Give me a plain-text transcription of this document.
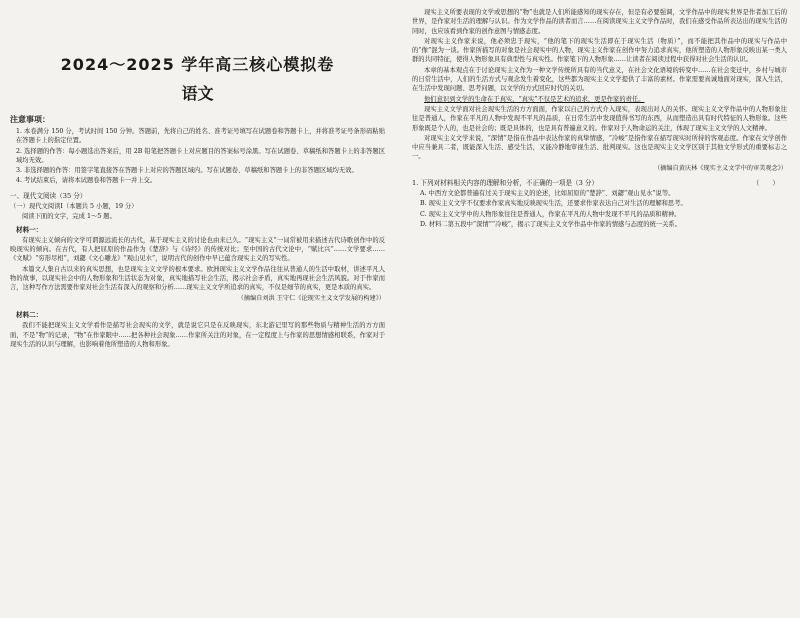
2024～2025 学年高三核心模拟卷
语文
注意事项：

1. 本卷满分 150 分，考试时间 150 分钟。答题前，先将自己的姓名、准考证号填写在试题卷和答题卡上，并将准考证号条形码粘贴在答题卡上的指定位置。

2. 选择题的作答：每小题选出答案后，用 2B 铅笔把答题卡上对应题目的答案标号涂黑。写在试题卷、草稿纸和答题卡上的非答题区域均无效。

3. 非选择题的作答：用签字笔直接答在答题卡上对应的答题区域内。写在试题卷、草稿纸和答题卡上的非答题区域均无效。

4. 考试结束后，请将本试题卷和答题卡一并上交。

一、现代文阅读（35 分）

（一）现代文阅读Ⅰ（本题共 5 小题，19 分）

阅读下面的文字，完成 1～5 题。

材料一：

有现实主义倾向的文学可谓源远流长的古代，基于现实主义的讨论也由来已久。“现实主义”一词常被用来描述古代诗歌创作中的反映现实的倾向。在古代，有人把屈原的作品作为《楚辞》与《诗经》的传统对比；至中国的古代文论中，“赋比兴”……文学要求……《文赋》“穷形尽相”，刘勰《文心雕龙》“观山见水”，说明古代的创作中早已蕴含现实主义的写实性。

本篇文人集自古以来的真实思想，也是现实主义文学的根本要求。欧洲现实主义文学作品往往从普通人的生活中取材，讲述平凡人物的故事，以现实社会中的人物形象和生活状态为对象，真实地描写社会生活，揭示社会矛盾，真实地再现社会生活风貌。对于作家而言，这种写作方法需要作家对社会生活有深入的观察和分析……现实主义文学所追求的真实，不仅是细节的真实，更是本质的真实。

（摘编自刘洪 王守仁《论现实主义文学发展的构建》）
材料二：

我们不能把现实主义文学看作是描写社会现实的文学，就是说它只是在反映现实，东北游记里写的那些物质与精神生活的方方面面，不是“物”的记录，“物”在作家眼中……把各种社会现象……作家所关注的对象，在一定程度上与作家的思想情感相联系，作家对于现实生活的认识与理解，也影响着他所塑造的人物和形象。

现实主义所要表现的文学或思想的“物”也就是人们所能感知的现实存在，但是有必要强调，文学作品中的现实世界是作者加工后的世界，是作家对生活的理解与认识。作为文学作品的读者而言……在阅读现实主义文学作品时，我们在感受作品所表达出的现实生活的同时，也应该看到作家的创作意图与情感态度。

对现实主义作家来说，他必须忠于现实，“他的笔下的现实生活即在于现实生活（物质）”，而不能把其作品中的现实与作品中的“像”混为一谈。作家所描写的对象是社会现实中的人物，现实主义作家在创作中努力追求真实，他所塑造的人物形象反映出某一类人群的共同特征，使得人物形象具有典型性与真实性。作家笔下的人物形象……让读者在阅读过程中获得对社会生活的认识。

本章的基本观点在于讨论现实主义作为一种文学传统所具有的当代意义，在社会文化语境的转变中……在社会变迁中，乡村与城市的日常生活中，人们的生活方式与观念发生着变化，这些都为现实主义文学提供了丰富的素材。作家需要真诚地面对现实，深入生活，在生活中发现问题、思考问题，以文学的方式回应时代的关切。

他们意识到文学的生命在于真实，“真实”不仅是艺术的追求，更是作家的责任。

现实主义文学面对社会现实生活的方方面面，作家以自己的方式介入现实，表现出对人的关怀。现实主义文学作品中的人物形象往往是普通人，作家在平凡的人物中发现不平凡的品质，在日常生活中发现值得书写的东西，从而塑造出具有时代特征的人物形象。这些形象既是个人的，也是社会的；既是具体的，也是具有普遍意义的。作家对于人物命运的关注，体现了现实主义文学的人文精神。

对现实主义文学来说，“深情”是指在作品中表达作家的真挚情感，“冷峻”是指作家在描写现实时所持的客观态度。作家在文学创作中应当兼具二者，既能深入生活、感受生活，又能冷静地审视生活、批判现实。这也是现实主义文学区别于其他文学形式的重要标志之一。

（摘编自黄庆林《现实主义文学中的审美观念》）

1. 下列对材料相关内容的理解和分析，不正确的一项是（3 分）	（　　）

A. 中西方文论都普遍有过关于现实主义的论述，比如屈原的“楚辞”、刘勰“观山见水”说等。

B. 现实主义文学不仅要求作家真实地反映现实生活，还要求作家表达自己对生活的理解和思考。

C. 现实主义文学中的人物形象往往是普通人，作家在平凡的人物中发现不平凡的品质和精神。

D. 材料二第五段中“深情”“冷峻”，揭示了现实主义文学作品中作家的情感与态度的统一关系。
